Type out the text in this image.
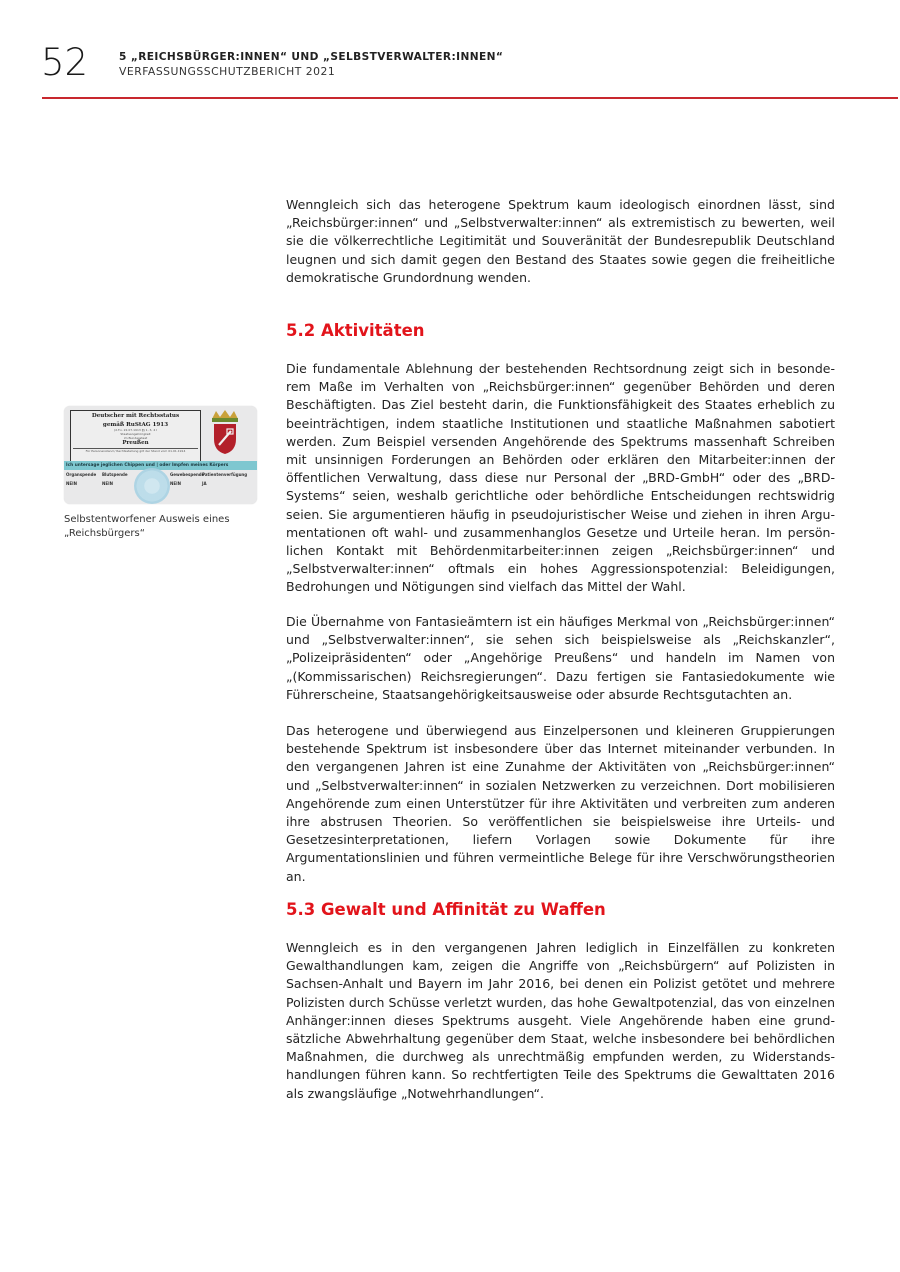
52	5 „REICHSBÜRGER:INNEN“ UND „SELBSTVERWALTER:INNEN“
VERFASSUNGSSCHUTZBERICHT 2021

Wenngleich sich das heterogene Spektrum kaum ideologisch einordnen lässt, sind „Reichsbürger:innen“ und „Selbstverwalter:innen“ als extremistisch zu bewerten, weil sie die völkerrechtliche Legitimität und Souveränität der Bundesrepublik Deutschland leugnen und sich damit gegen den Bestand des Staates sowie gegen die freiheitliche demokratische Grundordnung wenden.

5.2 Aktivitäten

Die fundamentale Ablehnung der bestehenden Rechtsordnung zeigt sich in besonderem Maße im Verhalten von „Reichsbürger:innen“ gegenüber Behörden und deren Beschäftigten. Das Ziel besteht darin, die Funktionsfähigkeit des Staates erheblich zu beeinträchtigen, indem staatliche Institutionen und staatliche Maßnahmen sabotiert werden. Zum Beispiel versenden Angehörende des Spektrums massenhaft Schreiben mit unsinnigen Forderungen an Behörden oder erklären den Mitarbeiter:innen der öffentlichen Verwaltung, dass diese nur Personal der „BRD-GmbH“ oder des „BRD-Systems“ seien, weshalb gerichtliche oder behördliche Entscheidungen rechtswidrig seien. Sie argumentieren häufig in pseudojuristischer Weise und ziehen in ihren Argumentationen oft wahl- und zusammenhanglos Gesetze und Urteile heran. Im persönlichen Kontakt mit Behördenmitarbeiter:innen zeigen „Reichsbürger:innen“ und „Selbstverwalter:innen“ oftmals ein hohes Aggressionspotenzial: Beleidigungen, Bedrohungen und Nötigungen sind vielfach das Mittel der Wahl.

Die Übernahme von Fantasieämtern ist ein häufiges Merkmal von „Reichsbürger:innen“ und „Selbstverwalter:innen“, sie sehen sich beispielsweise als „Reichskanzler“, „Polizeipräsidenten“ oder „Angehörige Preußens“ und handeln im Namen von „(Kommissarischen) Reichsregierungen“. Dazu fertigen sie Fantasiedokumente wie Führerscheine, Staatsangehörigkeitsausweise oder absurde Rechtsgutachten an.

Das heterogene und überwiegend aus Einzelpersonen und kleineren Gruppierungen bestehende Spektrum ist insbesondere über das Internet miteinander verbunden. In den vergangenen Jahren ist eine Zunahme der Aktivitäten von „Reichsbürger:innen“ und „Selbstverwalter:innen“ in sozialen Netzwerken zu verzeichnen. Dort mobilisieren Angehörende zum einen Unterstützer für ihre Aktivitäten und verbreiten zum anderen ihre abstrusen Theorien. So veröffentlichen sie beispielsweise ihre Urteils- und Gesetzesinterpretationen, liefern Vorlagen sowie Dokumente für ihre Argumentationslinien und führen vermeintliche Belege für ihre Verschwörungstheorien an.

5.3 Gewalt und Affinität zu Waffen

Wenngleich es in den vergangenen Jahren lediglich in Einzelfällen zu konkreten Gewalthandlungen kam, zeigen die Angriffe von „Reichsbürgern“ auf Polizisten in Sachsen-Anhalt und Bayern im Jahr 2016, bei denen ein Polizist getötet und mehrere Polizisten durch Schüsse verletzt wurden, das hohe Gewaltpotenzial, das von einzelnen Anhänger:innen dieses Spektrums ausgeht. Viele Angehörende haben eine grundsätzliche Abwehrhaltung gegenüber dem Staat, welche insbesondere bei behördlichen Maßnahmen, die durchweg als unrechtmäßig empfunden werden, zu Widerstandshandlungen führen kann. So rechtfertigten Teile des Spektrums die Gewalttaten 2016 als zwangsläufige „Notwehrhandlungen“.

Deutscher mit Rechtsstatus
gemäß RuStAG 1913
(d.F.v. 22.07.1913 §§ 1, 3, 4 I
Staatsangehörigkeit
im Bundesstaat
Preußen
Für Personenstand / Rechtsstellung gilt der Stand vom 01.01.1914
Ich untersage jeglichen Chippen und | oder Impfen meines Körpers
Organspende

NEIN
Blutspende

NEIN
Gewebespende

NEIN
Patientenverfügung

JA
Selbstentworfener Ausweis eines „Reichsbürgers“
